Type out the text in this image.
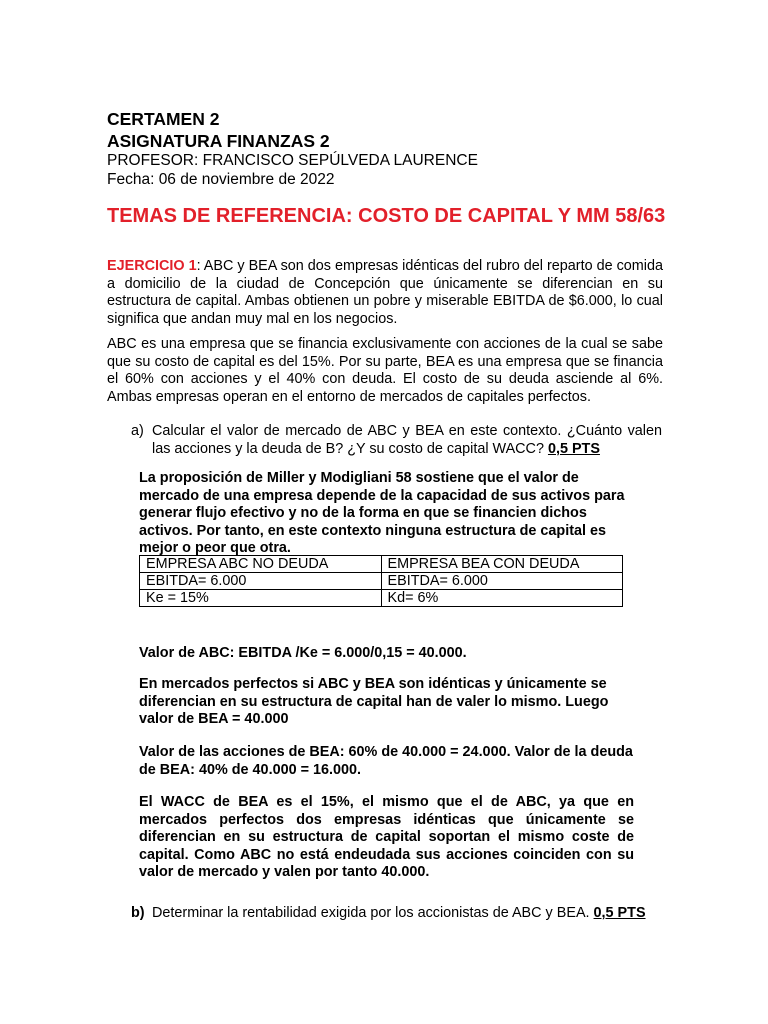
CERTAMEN 2
ASIGNATURA FINANZAS 2
PROFESOR: FRANCISCO SEPÚLVEDA LAURENCE
Fecha: 06 de noviembre de 2022
TEMAS DE REFERENCIA: COSTO DE CAPITAL Y MM 58/63
EJERCICIO 1: ABC y BEA son dos empresas idénticas del rubro del reparto de comida a domicilio de la ciudad de Concepción que únicamente se diferencian en su estructura de capital. Ambas obtienen un pobre y miserable EBITDA de $6.000, lo cual significa que andan muy mal en los negocios.
ABC es una empresa que se financia exclusivamente con acciones de la cual se sabe que su costo de capital es del 15%. Por su parte, BEA es una empresa que se financia el 60% con acciones y el 40% con deuda. El costo de su deuda asciende al 6%. Ambas empresas operan en el entorno de mercados de capitales perfectos.
a) Calcular el valor de mercado de ABC y BEA en este contexto. ¿Cuánto valen las acciones y la deuda de B? ¿Y su costo de capital WACC? 0,5 PTS
La proposición de Miller y Modigliani 58 sostiene que el valor de mercado de una empresa depende de la capacidad de sus activos para generar flujo efectivo y no de la forma en que se financien dichos activos. Por tanto, en este contexto ninguna estructura de capital es mejor o peor que otra.
EMPRESA ABC NO DEUDA	EMPRESA BEA CON DEUDA
EBITDA= 6.000	EBITDA= 6.000
Ke = 15%	Kd= 6%
Valor de ABC: EBITDA /Ke = 6.000/0,15 = 40.000.
En mercados perfectos si ABC y BEA son idénticas y únicamente se diferencian en su estructura de capital han de valer lo mismo. Luego valor de BEA = 40.000
Valor de las acciones de BEA: 60% de 40.000 = 24.000. Valor de la deuda de BEA: 40% de 40.000 = 16.000.
El WACC de BEA es el 15%, el mismo que el de ABC, ya que en mercados perfectos dos empresas idénticas que únicamente se diferencian en su estructura de capital soportan el mismo coste de capital. Como ABC no está endeudada sus acciones coinciden con su valor de mercado y valen por tanto 40.000.
b) Determinar la rentabilidad exigida por los accionistas de ABC y BEA. 0,5 PTS
